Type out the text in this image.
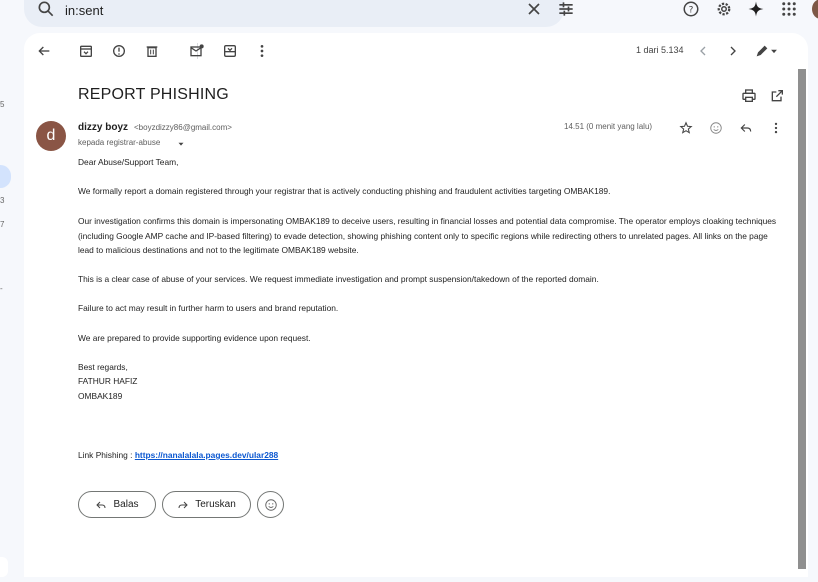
in:sent	?
5
3
7
-
1 dari 5.134
REPORT PHISHING
d	dizzy boyz <boyzdizzy86@gmail.com>
kepada registrar-abuse
14.51 (0 menit yang lalu)
Dear Abuse/Support Team,
We formally report a domain registered through your registrar that is actively conducting phishing and fraudulent activities targeting OMBAK189.
Our investigation confirms this domain is impersonating OMBAK189 to deceive users, resulting in financial losses and potential data compromise. The operator employs cloaking techniques (including Google AMP cache and IP-based filtering) to evade detection, showing phishing content only to specific regions while redirecting others to unrelated pages. All links on the page lead to malicious destinations and not to the legitimate OMBAK189 website.
This is a clear case of abuse of your services. We request immediate investigation and prompt suspension/takedown of the reported domain.
Failure to act may result in further harm to users and brand reputation.
We are prepared to provide supporting evidence upon request.
Best regards,
FATHUR HAFIZ
OMBAK189
Link Phishing : https://nanalalala.pages.dev/ular288
Balas	Teruskan
